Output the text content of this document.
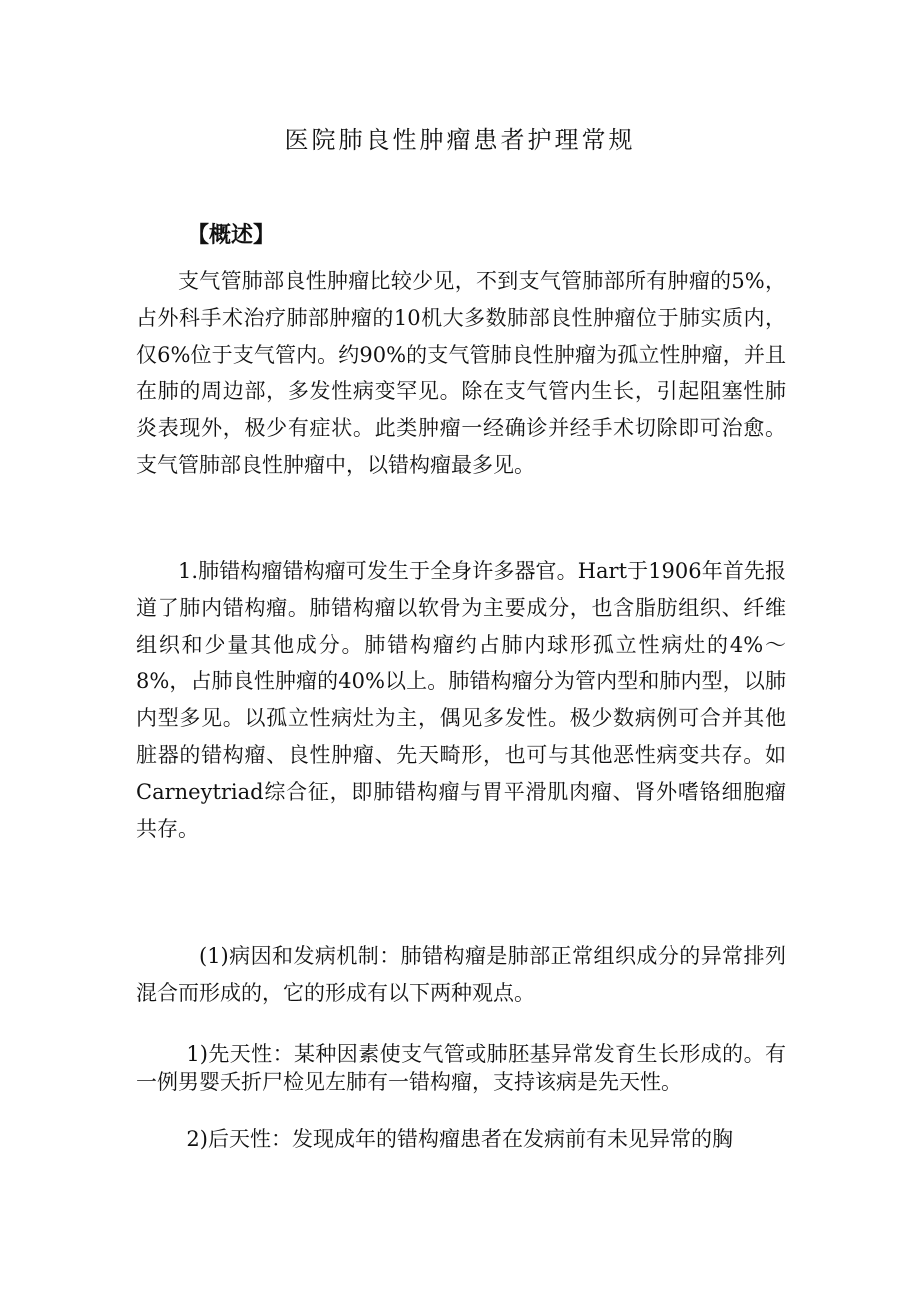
医院肺良性肿瘤患者护理常规
【概述】

支气管肺部良性肿瘤比较少见，不到支气管肺部所有肿瘤的5%，占外科手术治疗肺部肿瘤的10机大多数肺部良性肿瘤位于肺实质内，仅6%位于支气管内。约90%的支气管肺良性肿瘤为孤立性肿瘤，并且在肺的周边部，多发性病变罕见。除在支气管内生长，引起阻塞性肺炎表现外，极少有症状。此类肿瘤一经确诊并经手术切除即可治愈。支气管肺部良性肿瘤中，以错构瘤最多见。

1.肺错构瘤错构瘤可发生于全身许多器官。Hart于1906年首先报道了肺内错构瘤。肺错构瘤以软骨为主要成分，也含脂肪组织、纤维组织和少量其他成分。肺错构瘤约占肺内球形孤立性病灶的4%～8%，占肺良性肿瘤的40%以上。肺错构瘤分为管内型和肺内型，以肺内型多见。以孤立性病灶为主，偶见多发性。极少数病例可合并其他脏器的错构瘤、良性肿瘤、先天畸形，也可与其他恶性病变共存。如Carneytriad综合征，即肺错构瘤与胃平滑肌肉瘤、肾外嗜铬细胞瘤共存。

(1)病因和发病机制：肺错构瘤是肺部正常组织成分的异常排列混合而形成的，它的形成有以下两种观点。

1)先天性：某种因素使支气管或肺胚基异常发育生长形成的。有一例男婴夭折尸检见左肺有一错构瘤，支持该病是先天性。

2)后天性：发现成年的错构瘤患者在发病前有未见异常的胸
